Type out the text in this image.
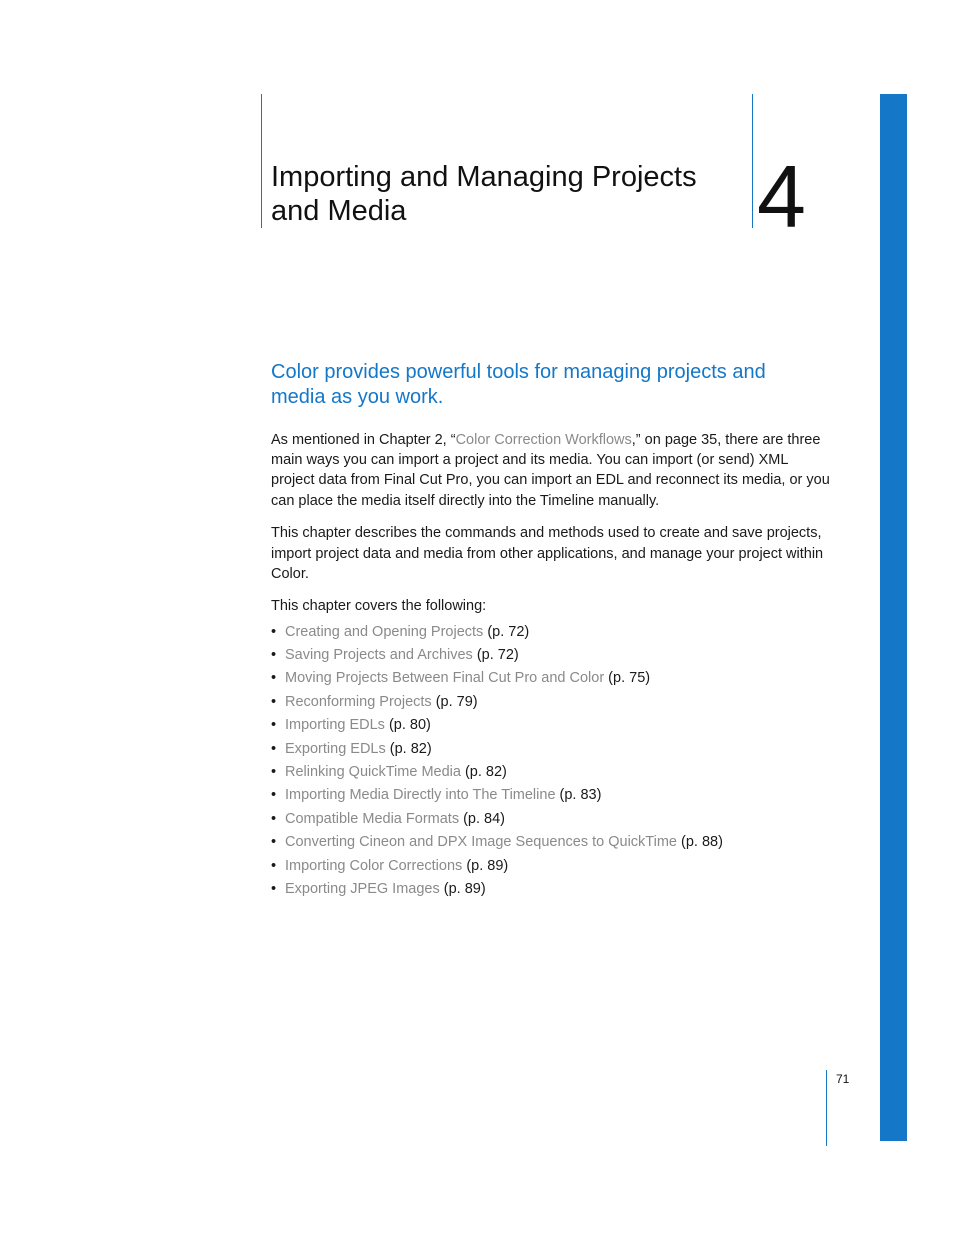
Importing and Managing Projects and Media	4
Color provides powerful tools for managing projects and media as you work.

As mentioned in Chapter 2, “Color Correction Workflows,” on page 35, there are three main ways you can import a project and its media. You can import (or send) XML project data from Final Cut Pro, you can import an EDL and reconnect its media, or you can place the media itself directly into the Timeline manually.

This chapter describes the commands and methods used to create and save projects, import project data and media from other applications, and manage your project within Color.

This chapter covers the following:

• Creating and Opening Projects (p. 72)
• Saving Projects and Archives (p. 72)
• Moving Projects Between Final Cut Pro and Color (p. 75)
• Reconforming Projects (p. 79)
• Importing EDLs (p. 80)
• Exporting EDLs (p. 82)
• Relinking QuickTime Media (p. 82)
• Importing Media Directly into The Timeline (p. 83)
• Compatible Media Formats (p. 84)
• Converting Cineon and DPX Image Sequences to QuickTime (p. 88)
• Importing Color Corrections (p. 89)
• Exporting JPEG Images (p. 89)
71
